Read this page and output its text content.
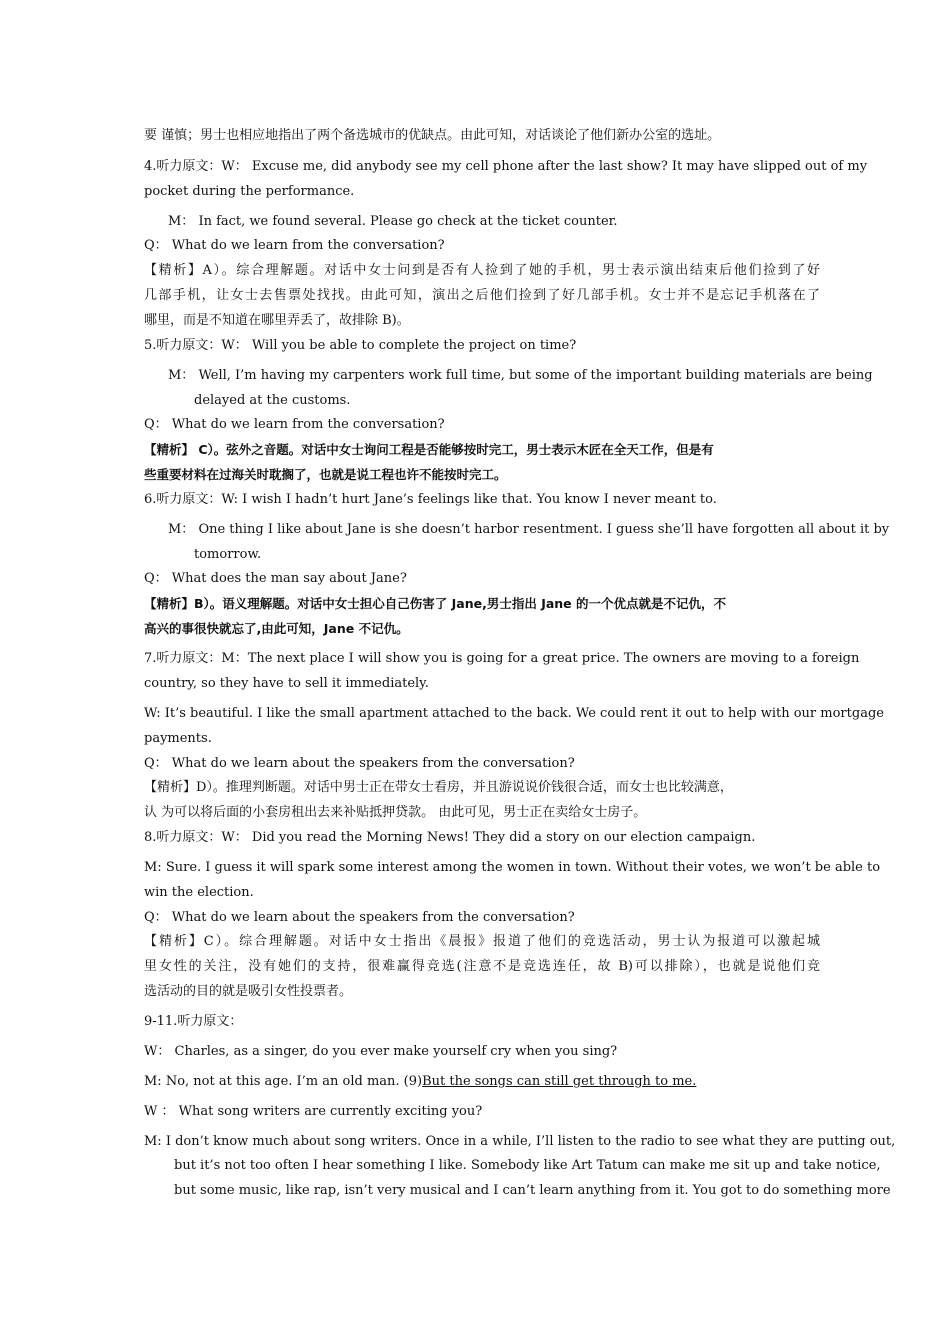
要 谨慎；男士也相应地指出了两个备选城市的优缺点。由此可知，对话谈论了他们新办公室的选址。
4.听力原文：W： Excuse me, did anybody see my cell phone after the last show? It may have slipped out of my
pocket during the performance.
M： In fact, we found several. Please go check at the ticket counter.
Q： What do we learn from the conversation?
【精析】A）。综合理解题。对话中女士问到是否有人捡到了她的手机，男士表示演出结束后他们捡到了好
几部手机，让女士去售票处找找。由此可知，演出之后他们捡到了好几部手机。女士并不是忘记手机落在了
哪里，而是不知道在哪里弄丢了，故排除 B)。
5.听力原文：W： Will you be able to complete the project on time?
M： Well, I’m having my carpenters work full time, but some of the important building materials are being
delayed at the customs.
Q： What do we learn from the conversation?
【精析】 C）。弦外之音题。对话中女士询问工程是否能够按时完工，男士表示木匠在全天工作，但是有
些重要材料在过海关时耽搁了，也就是说工程也许不能按时完工。
6.听力原文：W: I wish I hadn’t hurt Jane’s feelings like that. You know I never meant to.
M： One thing I like about Jane is she doesn’t harbor resentment. I guess she’ll have forgotten all about it by
tomorrow.
Q： What does the man say about Jane?
【精析】B）。语义理解题。对话中女士担心自己伤害了 Jane,男士指出 Jane 的一个优点就是不记仇，不
高兴的事很快就忘了,由此可知，Jane 不记仇。
7.听力原文：M：The next place I will show you is going for a great price. The owners are moving to a foreign
country, so they have to sell it immediately.
W: It’s beautiful. I like the small apartment attached to the back. We could rent it out to help with our mortgage
payments.
Q： What do we learn about the speakers from the conversation?
【精析】D）。推理判断题。对话中男士正在带女士看房，并且游说说价钱很合适，而女士也比较满意，
认 为可以将后面的小套房租出去来补贴抵押贷款。 由此可见，男士正在卖给女士房子。
8.听力原文：W： Did you read the Morning News! They did a story on our election campaign.
M: Sure. I guess it will spark some interest among the women in town. Without their votes, we won’t be able to
win the election.
Q： What do we learn about the speakers from the conversation?
【精析】C）。综合理解题。对话中女士指出《晨报》报道了他们的竞选活动，男士认为报道可以激起城
里女性的关注，没有她们的支持，很难赢得竞选(注意不是竞选连任，故 B)可以排除），也就是说他们竞
选活动的目的就是吸引女性投票者。
9-11.听力原文：
W： Charles, as a singer, do you ever make yourself cry when you sing?
M: No, not at this age. I’m an old man. (9)But the songs can still get through to me.
W ： What song writers are currently exciting you?
M: I don’t know much about song writers. Once in a while, I’ll listen to the radio to see what they are putting out,
but it’s not too often I hear something I like. Somebody like Art Tatum can make me sit up and take notice,
but some music, like rap, isn’t very musical and I can’t learn anything from it. You got to do something more
